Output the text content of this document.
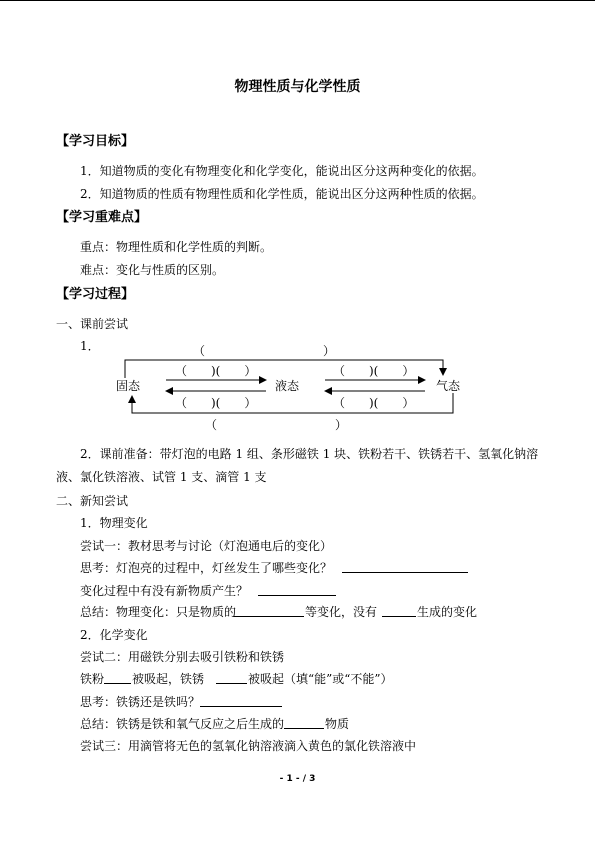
物理性质与化学性质
【学习目标】
1．知道物质的变化有物理变化和化学变化，能说出区分这两种变化的依据。
2．知道物质的性质有物理性质和化学性质，能说出区分这两种性质的依据。
【学习重难点】
重点：物理性质和化学性质的判断。
难点：变化与性质的区别。
【学习过程】
一、课前尝试
1．	（	）
（　　)(　　）	（　　)(　　）
固态	液态	气态
（　　)(　　）	（　　)(　　）
（	）
2．课前准备：带灯泡的电路 1 组、条形磁铁 1 块、铁粉若干、铁锈若干、氢氧化钠溶
液、氯化铁溶液、试管 1 支、滴管 1 支
二、新知尝试
1．物理变化
尝试一：教材思考与讨论（灯泡通电后的变化）
思考：灯泡亮的过程中，灯丝发生了哪些变化？
变化过程中有没有新物质产生？
总结：物理变化：只是物质的	等变化，没有	生成的变化
2．化学变化
尝试二：用磁铁分别去吸引铁粉和铁锈
铁粉 被吸起，铁锈	被吸起（填“能”或“不能”）
思考：铁锈还是铁吗？
总结：铁锈是铁和氧气反应之后生成的	物质
尝试三：用滴管将无色的氢氧化钠溶液滴入黄色的氯化铁溶液中
- 1 - / 3
